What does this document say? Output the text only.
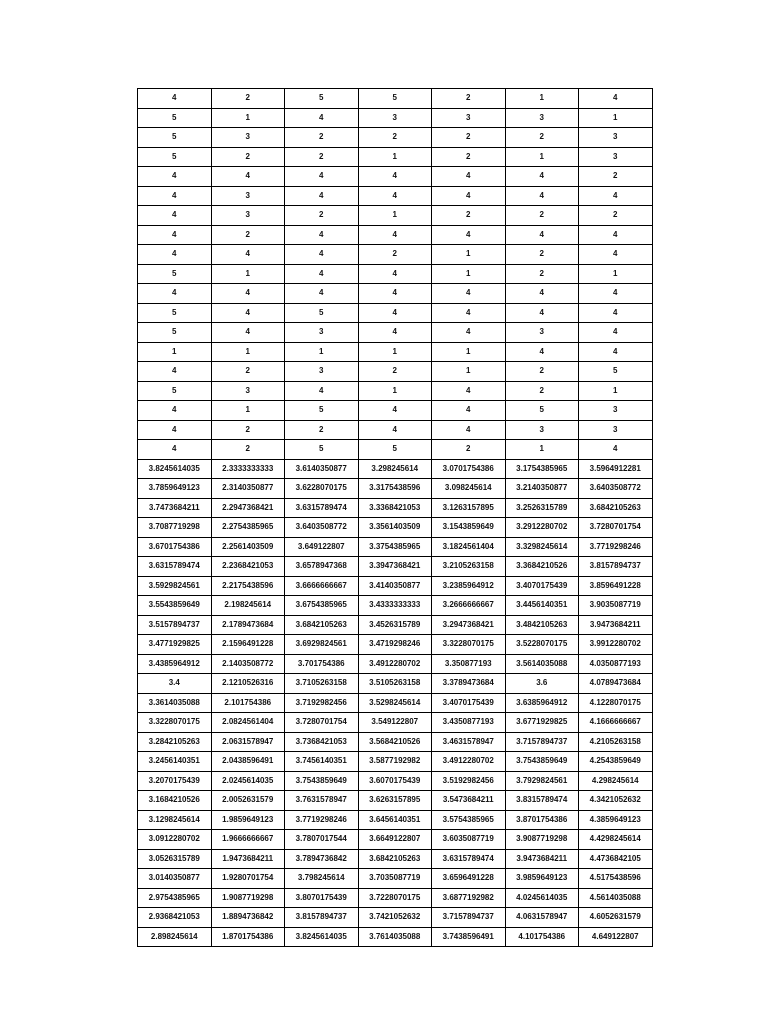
4	2	5	5	2	1	4
5	1	4	3	3	3	1
5	3	2	2	2	2	3
5	2	2	1	2	1	3
4	4	4	4	4	4	2
4	3	4	4	4	4	4
4	3	2	1	2	2	2
4	2	4	4	4	4	4
4	4	4	2	1	2	4
5	1	4	4	1	2	1
4	4	4	4	4	4	4
5	4	5	4	4	4	4
5	4	3	4	4	3	4
1	1	1	1	1	4	4
4	2	3	2	1	2	5
5	3	4	1	4	2	1
4	1	5	4	4	5	3
4	2	2	4	4	3	3
4	2	5	5	2	1	4
3.8245614035	2.3333333333	3.6140350877	3.298245614	3.0701754386	3.1754385965	3.5964912281
3.7859649123	2.3140350877	3.6228070175	3.3175438596	3.098245614	3.2140350877	3.6403508772
3.7473684211	2.2947368421	3.6315789474	3.3368421053	3.1263157895	3.2526315789	3.6842105263
3.7087719298	2.2754385965	3.6403508772	3.3561403509	3.1543859649	3.2912280702	3.7280701754
3.6701754386	2.2561403509	3.649122807	3.3754385965	3.1824561404	3.3298245614	3.7719298246
3.6315789474	2.2368421053	3.6578947368	3.3947368421	3.2105263158	3.3684210526	3.8157894737
3.5929824561	2.2175438596	3.6666666667	3.4140350877	3.2385964912	3.4070175439	3.8596491228
3.5543859649	2.198245614	3.6754385965	3.4333333333	3.2666666667	3.4456140351	3.9035087719
3.5157894737	2.1789473684	3.6842105263	3.4526315789	3.2947368421	3.4842105263	3.9473684211
3.4771929825	2.1596491228	3.6929824561	3.4719298246	3.3228070175	3.5228070175	3.9912280702
3.4385964912	2.1403508772	3.701754386	3.4912280702	3.350877193	3.5614035088	4.0350877193
3.4	2.1210526316	3.7105263158	3.5105263158	3.3789473684	3.6	4.0789473684
3.3614035088	2.101754386	3.7192982456	3.5298245614	3.4070175439	3.6385964912	4.1228070175
3.3228070175	2.0824561404	3.7280701754	3.549122807	3.4350877193	3.6771929825	4.1666666667
3.2842105263	2.0631578947	3.7368421053	3.5684210526	3.4631578947	3.7157894737	4.2105263158
3.2456140351	2.0438596491	3.7456140351	3.5877192982	3.4912280702	3.7543859649	4.2543859649
3.2070175439	2.0245614035	3.7543859649	3.6070175439	3.5192982456	3.7929824561	4.298245614
3.1684210526	2.0052631579	3.7631578947	3.6263157895	3.5473684211	3.8315789474	4.3421052632
3.1298245614	1.9859649123	3.7719298246	3.6456140351	3.5754385965	3.8701754386	4.3859649123
3.0912280702	1.9666666667	3.7807017544	3.6649122807	3.6035087719	3.9087719298	4.4298245614
3.0526315789	1.9473684211	3.7894736842	3.6842105263	3.6315789474	3.9473684211	4.4736842105
3.0140350877	1.9280701754	3.798245614	3.7035087719	3.6596491228	3.9859649123	4.5175438596
2.9754385965	1.9087719298	3.8070175439	3.7228070175	3.6877192982	4.0245614035	4.5614035088
2.9368421053	1.8894736842	3.8157894737	3.7421052632	3.7157894737	4.0631578947	4.6052631579
2.898245614	1.8701754386	3.8245614035	3.7614035088	3.7438596491	4.101754386	4.649122807
